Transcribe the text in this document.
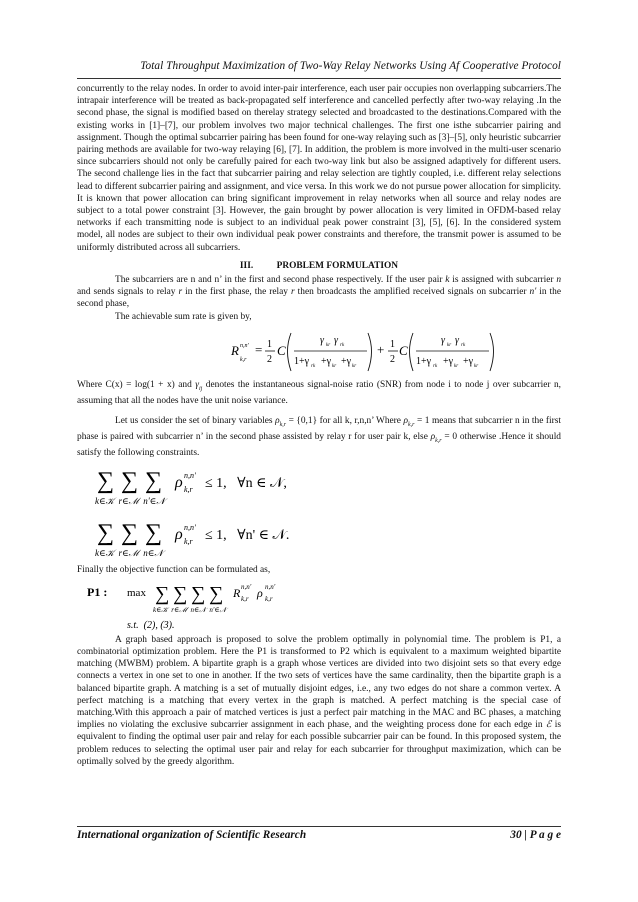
Total Throughput Maximization of Two-Way Relay Networks Using Af Cooperative Protocol

concurrently to the relay nodes. In order to avoid inter-pair interference, each user pair occupies non overlapping subcarriers.The intrapair interference will be treated as back-propagated self interference and cancelled perfectly after two-way relaying .In the second phase, the signal is modified based on therelay strategy selected and broadcasted to the destinations.Compared with the existing works in [1]–[7], our problem involves two major technical challenges. The first one isthe subcarrier pairing and assignment. Though the optimal subcarrier pairing has been found for one-way relaying such as [3]–[5], only heuristic subcarrier pairing methods are available for two-way relaying [6], [7]. In addition, the problem is more involved in the multi-user scenario since subcarriers should not only be carefully paired for each two-way link but also be assigned adaptively for different users. The second challenge lies in the fact that subcarrier pairing and relay selection are tightly coupled, i.e. different relay selections lead to different subcarrier pairing and assignment, and vice versa. In this work we do not pursue power allocation for simplicity. It is known that power allocation can bring significant improvement in relay networks when all source and relay nodes are subject to a total power constraint [3]. However, the gain brought by power allocation is very limited in OFDM-based relay networks if each transmitting node is subject to an individual peak power constraint [3], [5], [6]. In the considered system model, all nodes are subject to their own individual peak power constraints and therefore, the transmit power is assumed to be uniformly distributed across all subcarriers.

III.          PROBLEM FORMULATION

The subcarriers are n and n’ in the first and second phase respectively. If the user pair k is assigned with subcarrier n and sends signals to relay r in the first phase, the relay r then broadcasts the amplified received signals on subcarrier n' in the second phase,

The achievable sum rate is given by,

R n,n'
k,r
= 1
2
C
γ kr γ rk
1+γ rk +γ kr +γ kr
+ 1
2
C
γ kr γ rk
1+γ rk +γ kr +γ kr

Where C(x) = log(1 + x) and $\gamma_{ij}$ denotes the instantaneous signal-noise ratio (SNR) from node i to node j over subcarrier n, assuming that all the nodes have the unit noise variance.

Let us consider the set of binary variables $\rho_{k,r} = \{0,1\}$ for all k, r,n,n’ Where $\rho_{k,r} = 1$ means that subcarrier n in the first phase is paired with subcarrier n’ in the second phase assisted by relay r for user pair k, else $\rho_{k,r} = 0$ otherwise .Hence it should satisfy the following constraints.

∑ ∑ ∑ ρ n,n'
k,r ≤ 1,   ∀n ∈ 𝒩,
k∈𝒦  r∈ℳ  n'∈𝒩
∑ ∑ ∑ ρ n,n'
k,r ≤ 1,   ∀n' ∈ 𝒩.
k∈𝒦  r∈ℳ  n∈𝒩

Finally the objective function can be formulated as,

P1 : max ∑ ∑ ∑ ∑ R n,n'
k,r ρ n,n'
k,r
k∈𝒦  r∈ℳ  n∈𝒩  n'∈𝒩
s.t.  (2), (3).

A graph based approach is proposed to solve the problem optimally in polynomial time. The problem is P1, a combinatorial optimization problem. Here the P1 is transformed to P2 which is equivalent to a maximum weighted bipartite matching (MWBM) problem. A bipartite graph is a graph whose vertices are divided into two disjoint sets so that every edge connects a vertex in one set to one in another. If the two sets of vertices have the same cardinality, then the bipartite graph is a balanced bipartite graph. A matching is a set of mutually disjoint edges, i.e., any two edges do not share a common vertex. A perfect matching is a matching that every vertex in the graph is matched. A perfect matching is the special case of matching.With this approach a pair of matched vertices is just a perfect pair matching in the MAC and BC phases, a matching implies no violating the exclusive subcarrier assignment in each phase, and the weighting process done for each edge in ℰ is equivalent to finding the optimal user pair and relay for each possible subcarrier pair can be found. In this proposed system, the problem reduces to selecting the optimal user pair and relay for each subcarrier for throughput maximization, which can be optimally solved by the greedy algorithm.

International organization of Scientific Research	30 | P a g e
